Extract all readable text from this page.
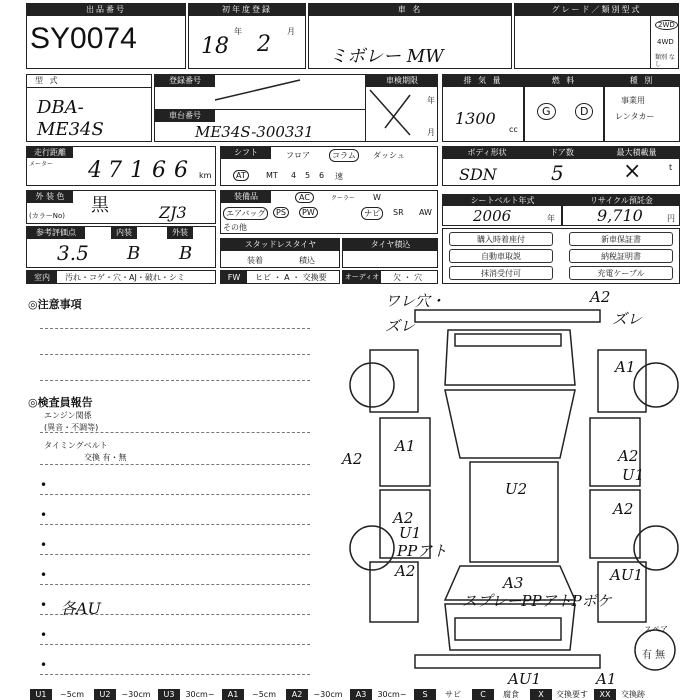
出品番号
SY0074
初年度登録
年	月
18 2
車 名
ミボレー MW
グレード／類別型式
2WD
4WD
類別 なし
型 式
DBA-ME34S
登録番号
車台番号
ME34S-300331
車検期限
年
月
排 気 量
1300
cc
燃 料
G	D
種 別
事業用
レンタカー
走行距離
メーター
km
4 7 1 6 6
シフト	フロア	コラム	ダッシュ
AT	MT 4 5 6 速
ボディ形状	ドア数	最大積載量
SDN	5	×	t
外 装 色
(カラーNo) 黒	ZJ3
装備品	AC	クーラー W
エアバッグ	PS	PW	ナビ	SR AW
その他
シートベルト年式
2006	年
リサイクル預託金
9,710	円
参考評価点	内装	外装
3.5 B B	スタッドレスタイヤ
装着	積込
タイヤ積込
購入時着座付	新車保証書
自動車取説	納税証明書
抹消受付可	充電ケーブル
室内	汚れ・コゲ・穴・AJ・破れ・シミ	FW	ヒビ ・ A ・ 交換要	オーディオ 欠 ・ 穴
◎注意事項
◎検査員報告
エンジン関係
(異音・不調等)
タイミングベルト
交換 有・無
•
•
•
•
• 各AU
•
•
スペア
有 無
ワレ穴・
ズレ
A2
ズレ
A1
A2
A1
A2
U1
U2
A2
U1
PPアト
A2
A2	AU1
A3
スプレーPPアトPボケ
AU1	A1
U1	~5cm	U2	~30cm	U3	30cm~	A1	~5cm	A2	~30cm	A3	30cm~	S	サビ	C	腐食	X	交換要す	XX	交換跡
